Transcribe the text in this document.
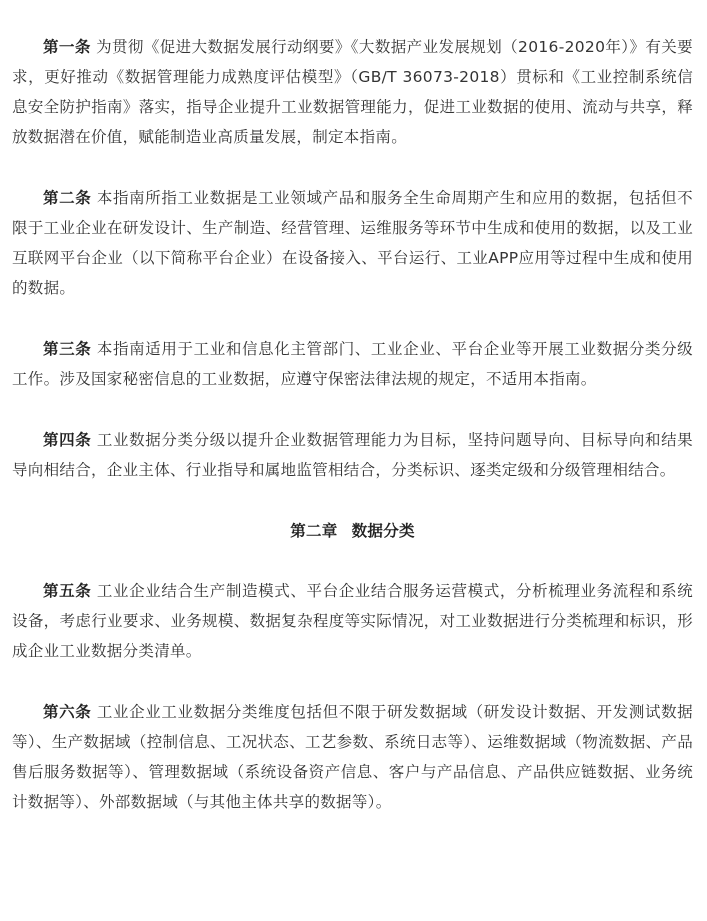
第一条 为贯彻《促进大数据发展行动纲要》《大数据产业发展规划（2016-2020年）》有关要求，更好推动《数据管理能力成熟度评估模型》（GB/T 36073-2018）贯标和《工业控制系统信息安全防护指南》落实，指导企业提升工业数据管理能力，促进工业数据的使用、流动与共享，释放数据潜在价值，赋能制造业高质量发展，制定本指南。

第二条 本指南所指工业数据是工业领域产品和服务全生命周期产生和应用的数据，包括但不限于工业企业在研发设计、生产制造、经营管理、运维服务等环节中生成和使用的数据，以及工业互联网平台企业（以下简称平台企业）在设备接入、平台运行、工业APP应用等过程中生成和使用的数据。

第三条 本指南适用于工业和信息化主管部门、工业企业、平台企业等开展工业数据分类分级工作。涉及国家秘密信息的工业数据，应遵守保密法律法规的规定，不适用本指南。

第四条 工业数据分类分级以提升企业数据管理能力为目标，坚持问题导向、目标导向和结果导向相结合，企业主体、行业指导和属地监管相结合，分类标识、逐类定级和分级管理相结合。

第二章 数据分类

第五条 工业企业结合生产制造模式、平台企业结合服务运营模式，分析梳理业务流程和系统设备，考虑行业要求、业务规模、数据复杂程度等实际情况，对工业数据进行分类梳理和标识，形成企业工业数据分类清单。

第六条 工业企业工业数据分类维度包括但不限于研发数据域（研发设计数据、开发测试数据等）、生产数据域（控制信息、工况状态、工艺参数、系统日志等）、运维数据域（物流数据、产品售后服务数据等）、管理数据域（系统设备资产信息、客户与产品信息、产品供应链数据、业务统计数据等）、外部数据域（与其他主体共享的数据等）。
